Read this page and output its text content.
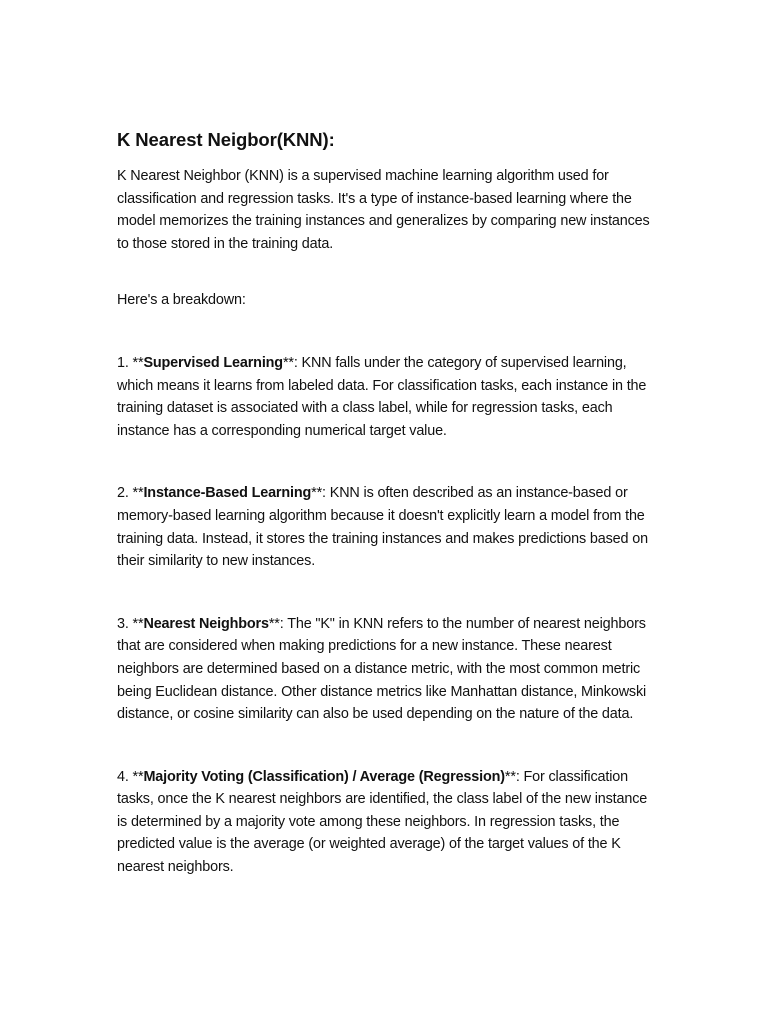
K Nearest Neigbor(KNN):

K Nearest Neighbor (KNN) is a supervised machine learning algorithm used for classification and regression tasks. It's a type of instance-based learning where the model memorizes the training instances and generalizes by comparing new instances to those stored in the training data.

Here's a breakdown:

1. **Supervised Learning**: KNN falls under the category of supervised learning, which means it learns from labeled data. For classification tasks, each instance in the training dataset is associated with a class label, while for regression tasks, each instance has a corresponding numerical target value.

2. **Instance-Based Learning**: KNN is often described as an instance-based or memory-based learning algorithm because it doesn't explicitly learn a model from the training data. Instead, it stores the training instances and makes predictions based on their similarity to new instances.

3. **Nearest Neighbors**: The "K" in KNN refers to the number of nearest neighbors that are considered when making predictions for a new instance. These nearest neighbors are determined based on a distance metric, with the most common metric being Euclidean distance. Other distance metrics like Manhattan distance, Minkowski distance, or cosine similarity can also be used depending on the nature of the data.

4. **Majority Voting (Classification) / Average (Regression)**: For classification tasks, once the K nearest neighbors are identified, the class label of the new instance is determined by a majority vote among these neighbors. In regression tasks, the predicted value is the average (or weighted average) of the target values of the K nearest neighbors.
